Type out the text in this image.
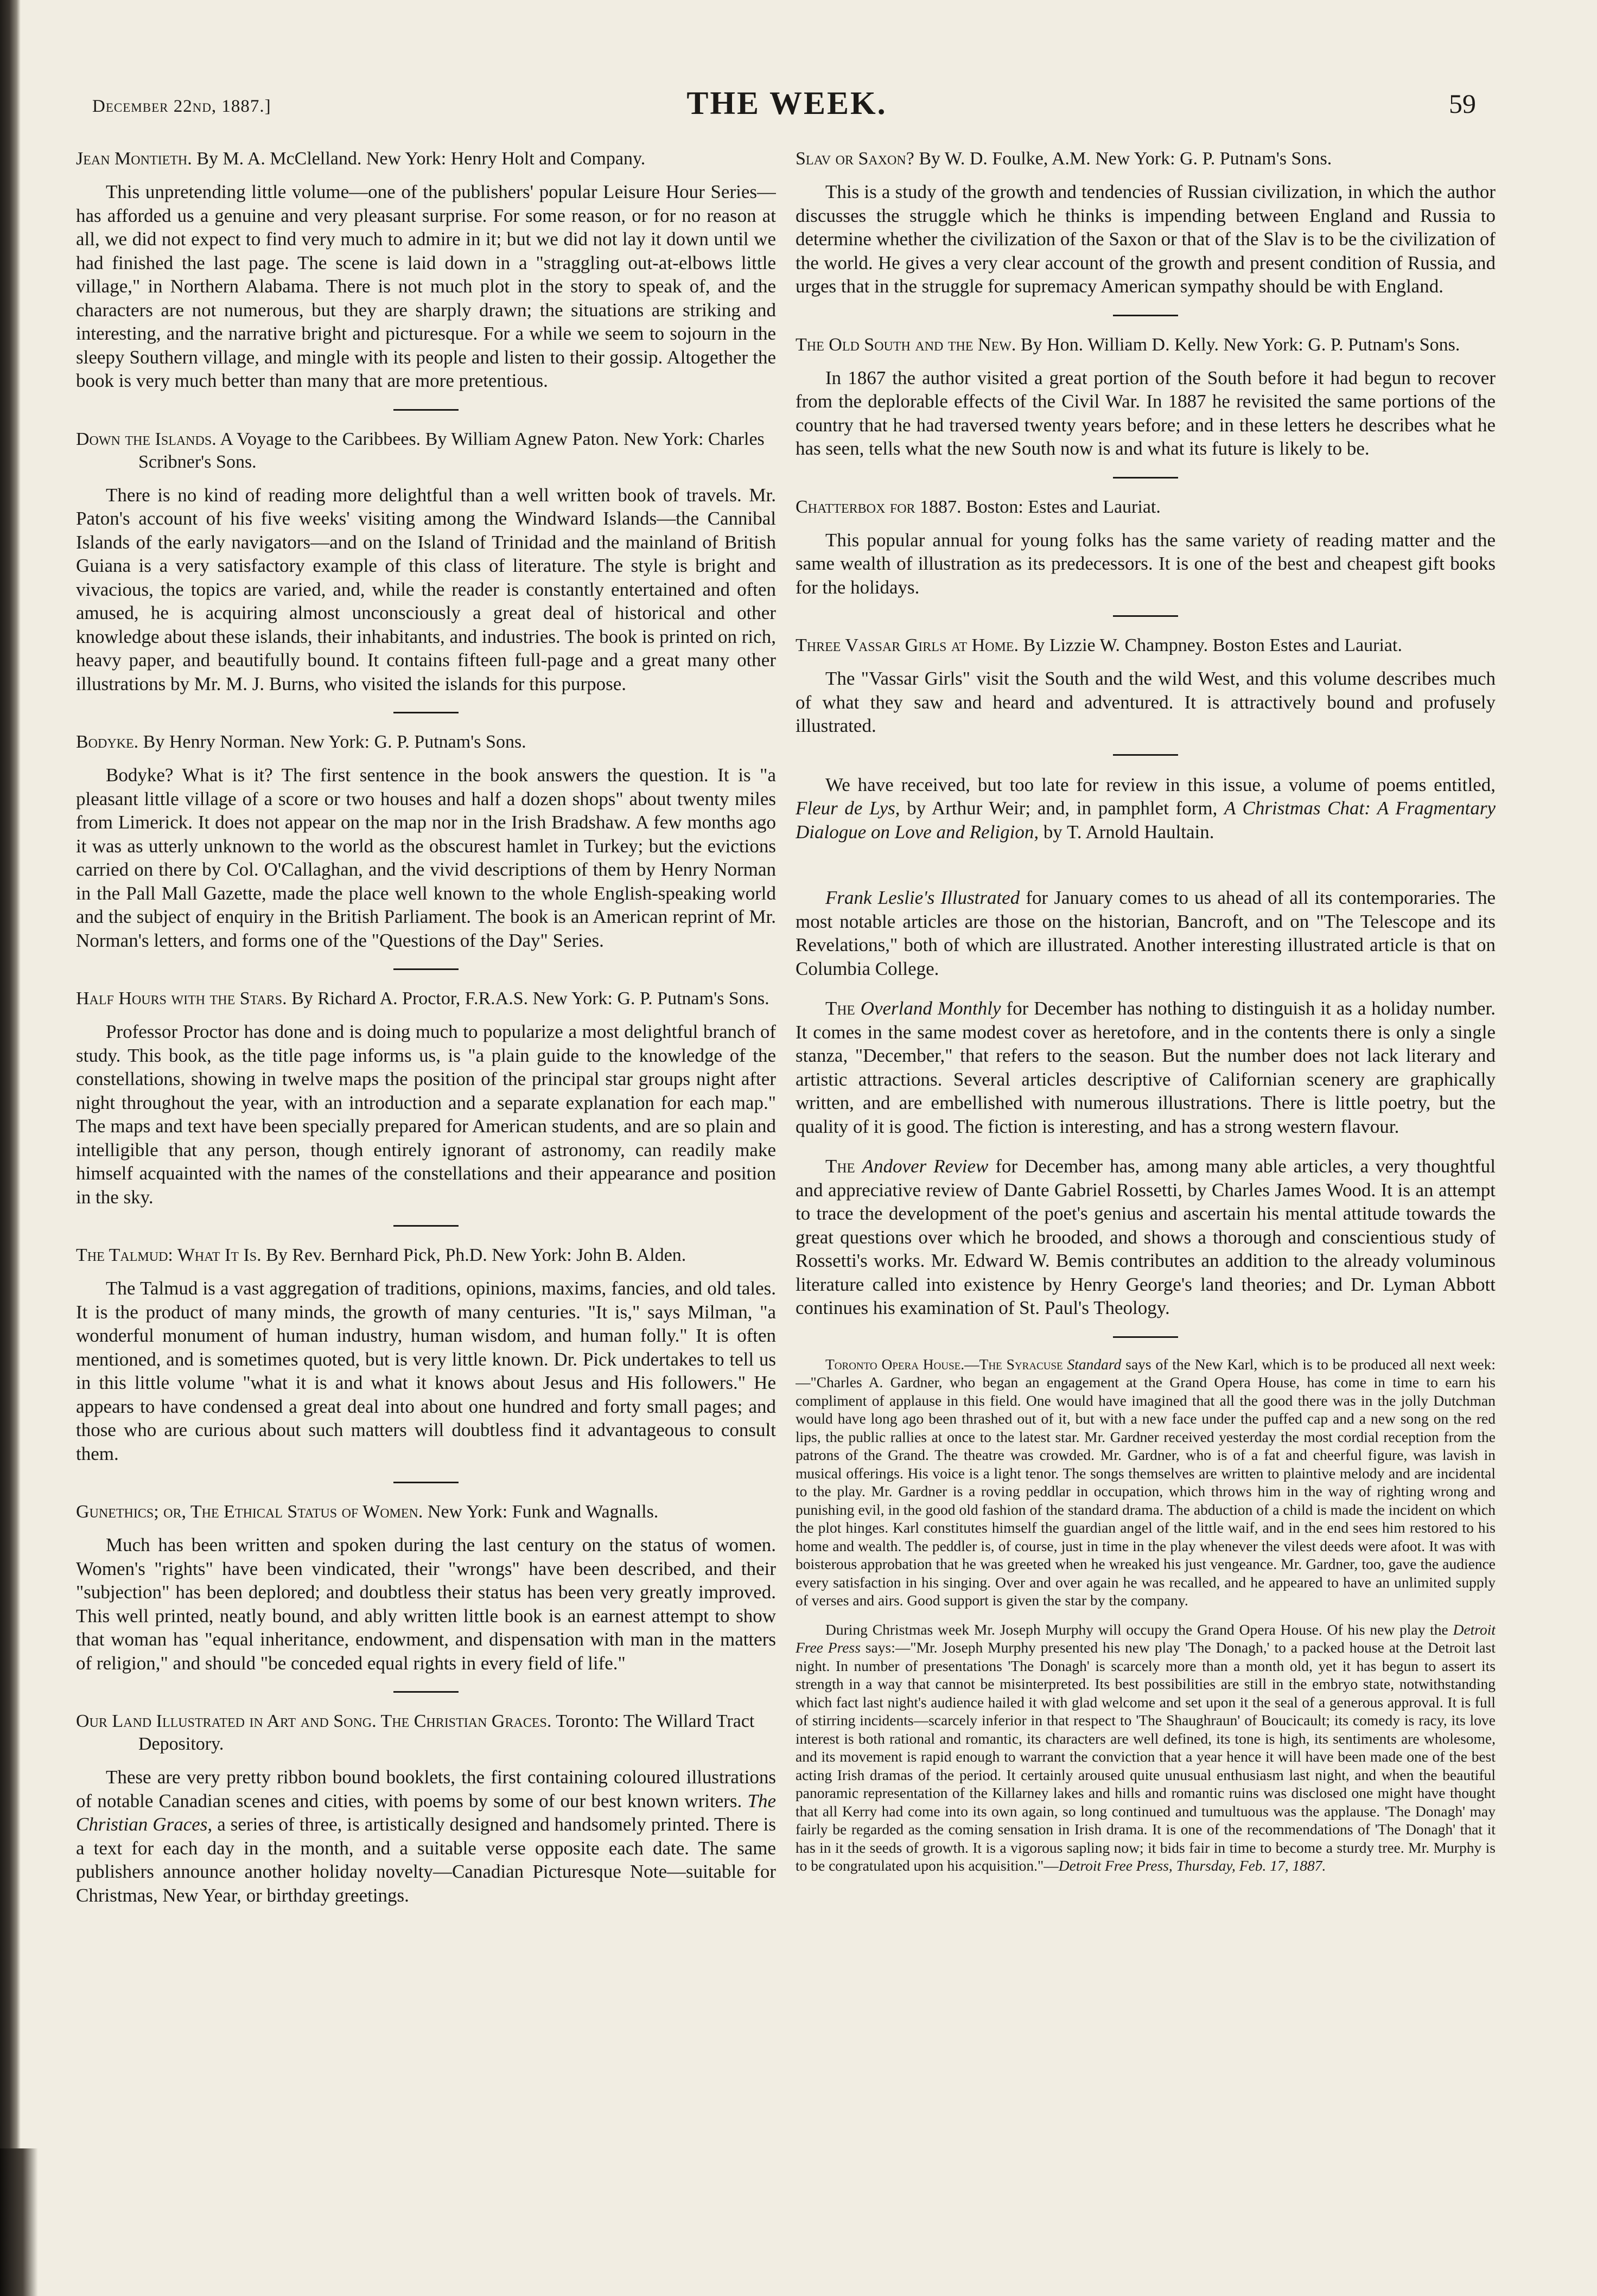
December 22nd, 1887.]	THE WEEK.	59
Jean Montieth. By M. A. McClelland. New York: Henry Holt and Company.

This unpretending little volume—one of the publishers' popular Leisure Hour Series—has afforded us a genuine and very pleasant surprise. For some reason, or for no reason at all, we did not expect to find very much to admire in it; but we did not lay it down until we had finished the last page. The scene is laid down in a "straggling out-at-elbows little village," in Northern Alabama. There is not much plot in the story to speak of, and the characters are not numerous, but they are sharply drawn; the situations are striking and interesting, and the narrative bright and picturesque. For a while we seem to sojourn in the sleepy Southern village, and mingle with its people and listen to their gossip. Altogether the book is very much better than many that are more pretentious.

Down the Islands. A Voyage to the Caribbees. By William Agnew Paton. New York: Charles Scribner's Sons.

There is no kind of reading more delightful than a well written book of travels. Mr. Paton's account of his five weeks' visiting among the Windward Islands—the Cannibal Islands of the early navigators—and on the Island of Trinidad and the mainland of British Guiana is a very satisfactory example of this class of literature. The style is bright and vivacious, the topics are varied, and, while the reader is constantly entertained and often amused, he is acquiring almost unconsciously a great deal of historical and other knowledge about these islands, their inhabitants, and industries. The book is printed on rich, heavy paper, and beautifully bound. It contains fifteen full-page and a great many other illustrations by Mr. M. J. Burns, who visited the islands for this purpose.

Bodyke. By Henry Norman. New York: G. P. Putnam's Sons.

Bodyke? What is it? The first sentence in the book answers the question. It is "a pleasant little village of a score or two houses and half a dozen shops" about twenty miles from Limerick. It does not appear on the map nor in the Irish Bradshaw. A few months ago it was as utterly unknown to the world as the obscurest hamlet in Turkey; but the evictions carried on there by Col. O'Callaghan, and the vivid descriptions of them by Henry Norman in the Pall Mall Gazette, made the place well known to the whole English-speaking world and the subject of enquiry in the British Parliament. The book is an American reprint of Mr. Norman's letters, and forms one of the "Questions of the Day" Series.

Half Hours with the Stars. By Richard A. Proctor, F.R.A.S. New York: G. P. Putnam's Sons.

Professor Proctor has done and is doing much to popularize a most delightful branch of study. This book, as the title page informs us, is "a plain guide to the knowledge of the constellations, showing in twelve maps the position of the principal star groups night after night throughout the year, with an introduction and a separate explanation for each map." The maps and text have been specially prepared for American students, and are so plain and intelligible that any person, though entirely ignorant of astronomy, can readily make himself acquainted with the names of the constellations and their appearance and position in the sky.

The Talmud: What It Is. By Rev. Bernhard Pick, Ph.D. New York: John B. Alden.

The Talmud is a vast aggregation of traditions, opinions, maxims, fancies, and old tales. It is the product of many minds, the growth of many centuries. "It is," says Milman, "a wonderful monument of human industry, human wisdom, and human folly." It is often mentioned, and is sometimes quoted, but is very little known. Dr. Pick undertakes to tell us in this little volume "what it is and what it knows about Jesus and His followers." He appears to have condensed a great deal into about one hundred and forty small pages; and those who are curious about such matters will doubtless find it advantageous to consult them.

Gunethics; or, The Ethical Status of Women. New York: Funk and Wagnalls.

Much has been written and spoken during the last century on the status of women. Women's "rights" have been vindicated, their "wrongs" have been described, and their "subjection" has been deplored; and doubtless their status has been very greatly improved. This well printed, neatly bound, and ably written little book is an earnest attempt to show that woman has "equal inheritance, endowment, and dispensation with man in the matters of religion," and should "be conceded equal rights in every field of life."

Our Land Illustrated in Art and Song. The Christian Graces. Toronto: The Willard Tract Depository.

These are very pretty ribbon bound booklets, the first containing coloured illustrations of notable Canadian scenes and cities, with poems by some of our best known writers. The Christian Graces, a series of three, is artistically designed and handsomely printed. There is a text for each day in the month, and a suitable verse opposite each date. The same publishers announce another holiday novelty—Canadian Picturesque Note—suitable for Christmas, New Year, or birthday greetings.

Slav or Saxon? By W. D. Foulke, A.M. New York: G. P. Putnam's Sons.

This is a study of the growth and tendencies of Russian civilization, in which the author discusses the struggle which he thinks is impending between England and Russia to determine whether the civilization of the Saxon or that of the Slav is to be the civilization of the world. He gives a very clear account of the growth and present condition of Russia, and urges that in the struggle for supremacy American sympathy should be with England.

The Old South and the New. By Hon. William D. Kelly. New York: G. P. Putnam's Sons.

In 1867 the author visited a great portion of the South before it had begun to recover from the deplorable effects of the Civil War. In 1887 he revisited the same portions of the country that he had traversed twenty years before; and in these letters he describes what he has seen, tells what the new South now is and what its future is likely to be.

Chatterbox for 1887. Boston: Estes and Lauriat.

This popular annual for young folks has the same variety of reading matter and the same wealth of illustration as its predecessors. It is one of the best and cheapest gift books for the holidays.

Three Vassar Girls at Home. By Lizzie W. Champney. Boston Estes and Lauriat.

The "Vassar Girls" visit the South and the wild West, and this volume describes much of what they saw and heard and adventured. It is attractively bound and profusely illustrated.

We have received, but too late for review in this issue, a volume of poems entitled, Fleur de Lys, by Arthur Weir; and, in pamphlet form, A Christmas Chat: A Fragmentary Dialogue on Love and Religion, by T. Arnold Haultain.

Frank Leslie's Illustrated for January comes to us ahead of all its contemporaries. The most notable articles are those on the historian, Bancroft, and on "The Telescope and its Revelations," both of which are illustrated. Another interesting illustrated article is that on Columbia College.

The Overland Monthly for December has nothing to distinguish it as a holiday number. It comes in the same modest cover as heretofore, and in the contents there is only a single stanza, "December," that refers to the season. But the number does not lack literary and artistic attractions. Several articles descriptive of Californian scenery are graphically written, and are embellished with numerous illustrations. There is little poetry, but the quality of it is good. The fiction is interesting, and has a strong western flavour.

The Andover Review for December has, among many able articles, a very thoughtful and appreciative review of Dante Gabriel Rossetti, by Charles James Wood. It is an attempt to trace the development of the poet's genius and ascertain his mental attitude towards the great questions over which he brooded, and shows a thorough and conscientious study of Rossetti's works. Mr. Edward W. Bemis contributes an addition to the already voluminous literature called into existence by Henry George's land theories; and Dr. Lyman Abbott continues his examination of St. Paul's Theology.

Toronto Opera House.—The Syracuse Standard says of the New Karl, which is to be produced all next week:—"Charles A. Gardner, who began an engagement at the Grand Opera House, has come in time to earn his compliment of applause in this field. One would have imagined that all the good there was in the jolly Dutchman would have long ago been thrashed out of it, but with a new face under the puffed cap and a new song on the red lips, the public rallies at once to the latest star. Mr. Gardner received yesterday the most cordial reception from the patrons of the Grand. The theatre was crowded. Mr. Gardner, who is of a fat and cheerful figure, was lavish in musical offerings. His voice is a light tenor. The songs themselves are written to plaintive melody and are incidental to the play. Mr. Gardner is a roving peddlar in occupation, which throws him in the way of righting wrong and punishing evil, in the good old fashion of the standard drama. The abduction of a child is made the incident on which the plot hinges. Karl constitutes himself the guardian angel of the little waif, and in the end sees him restored to his home and wealth. The peddler is, of course, just in time in the play whenever the vilest deeds were afoot. It was with boisterous approbation that he was greeted when he wreaked his just vengeance. Mr. Gardner, too, gave the audience every satisfaction in his singing. Over and over again he was recalled, and he appeared to have an unlimited supply of verses and airs. Good support is given the star by the company.

During Christmas week Mr. Joseph Murphy will occupy the Grand Opera House. Of his new play the Detroit Free Press says:—"Mr. Joseph Murphy presented his new play 'The Donagh,' to a packed house at the Detroit last night. In number of presentations 'The Donagh' is scarcely more than a month old, yet it has begun to assert its strength in a way that cannot be misinterpreted. Its best possibilities are still in the embryo state, notwithstanding which fact last night's audience hailed it with glad welcome and set upon it the seal of a generous approval. It is full of stirring incidents—scarcely inferior in that respect to 'The Shaughraun' of Boucicault; its comedy is racy, its love interest is both rational and romantic, its characters are well defined, its tone is high, its sentiments are wholesome, and its movement is rapid enough to warrant the conviction that a year hence it will have been made one of the best acting Irish dramas of the period. It certainly aroused quite unusual enthusiasm last night, and when the beautiful panoramic representation of the Killarney lakes and hills and romantic ruins was disclosed one might have thought that all Kerry had come into its own again, so long continued and tumultuous was the applause. 'The Donagh' may fairly be regarded as the coming sensation in Irish drama. It is one of the recommendations of 'The Donagh' that it has in it the seeds of growth. It is a vigorous sapling now; it bids fair in time to become a sturdy tree. Mr. Murphy is to be congratulated upon his acquisition."—Detroit Free Press, Thursday, Feb. 17, 1887.
